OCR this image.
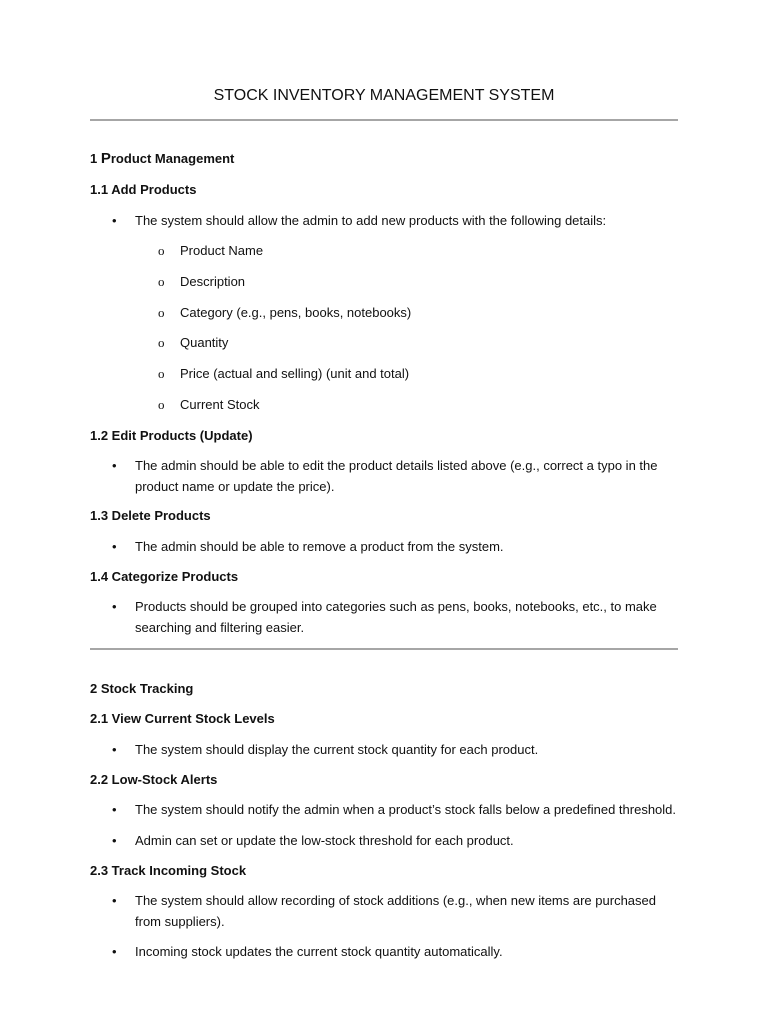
STOCK INVENTORY MANAGEMENT SYSTEM
1 Product Management
1.1 Add Products
• The system should allow the admin to add new products with the following details:
o Product Name
o Description
o Category (e.g., pens, books, notebooks)
o Quantity
o Price (actual and selling) (unit and total)
o Current Stock
1.2 Edit Products (Update)
• The admin should be able to edit the product details listed above (e.g., correct a typo in the product name or update the price).
1.3 Delete Products
• The admin should be able to remove a product from the system.
1.4 Categorize Products
• Products should be grouped into categories such as pens, books, notebooks, etc., to make searching and filtering easier.
2 Stock Tracking
2.1 View Current Stock Levels
• The system should display the current stock quantity for each product.
2.2 Low-Stock Alerts
• The system should notify the admin when a product’s stock falls below a predefined threshold.
• Admin can set or update the low-stock threshold for each product.
2.3 Track Incoming Stock
• The system should allow recording of stock additions (e.g., when new items are purchased from suppliers).
• Incoming stock updates the current stock quantity automatically.
